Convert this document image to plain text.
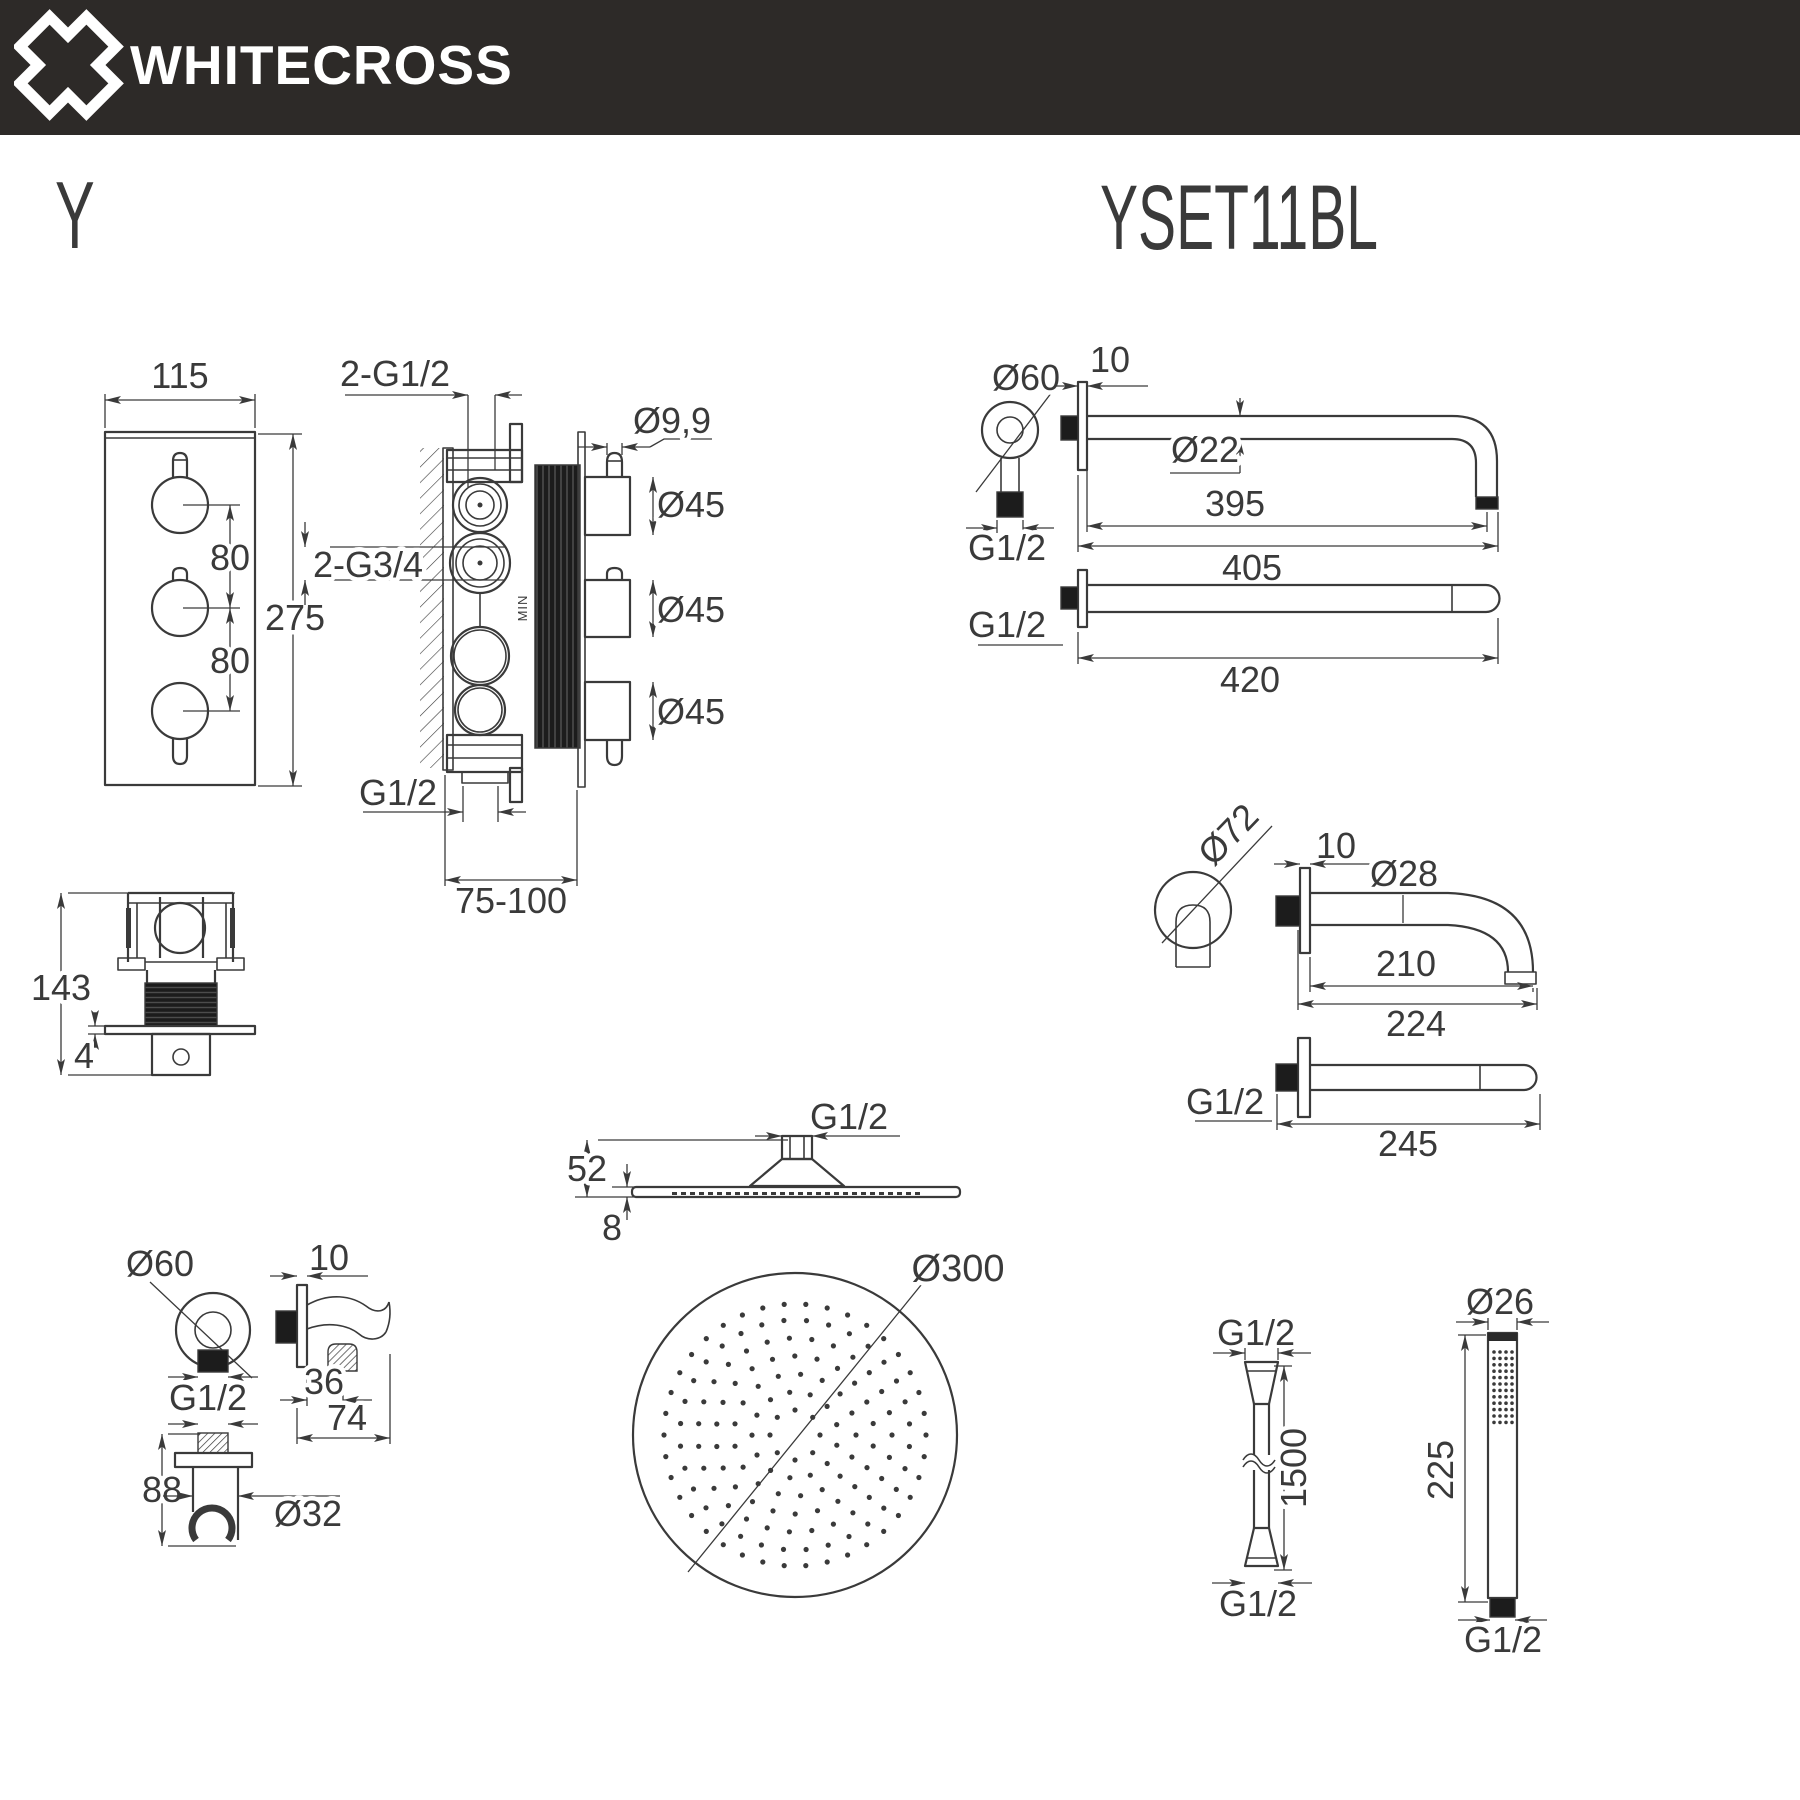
WHITECROSS
Y	YSET11BL
115
80
80
275	MIN
2-G1/2
2-G3/4
Ø9,9
Ø45
Ø45
Ø45
G1/2
75-100
143
4
Ø60
G1/2
10
Ø22
395
405
G1/2
420
Ø72 10
Ø28
210
224
G1/2
245
G1/2
52
8
Ø300
Ø60
G1/2
10
36
74
88
Ø32
G1/2
1500
G1/2
Ø26
225
G1/2
